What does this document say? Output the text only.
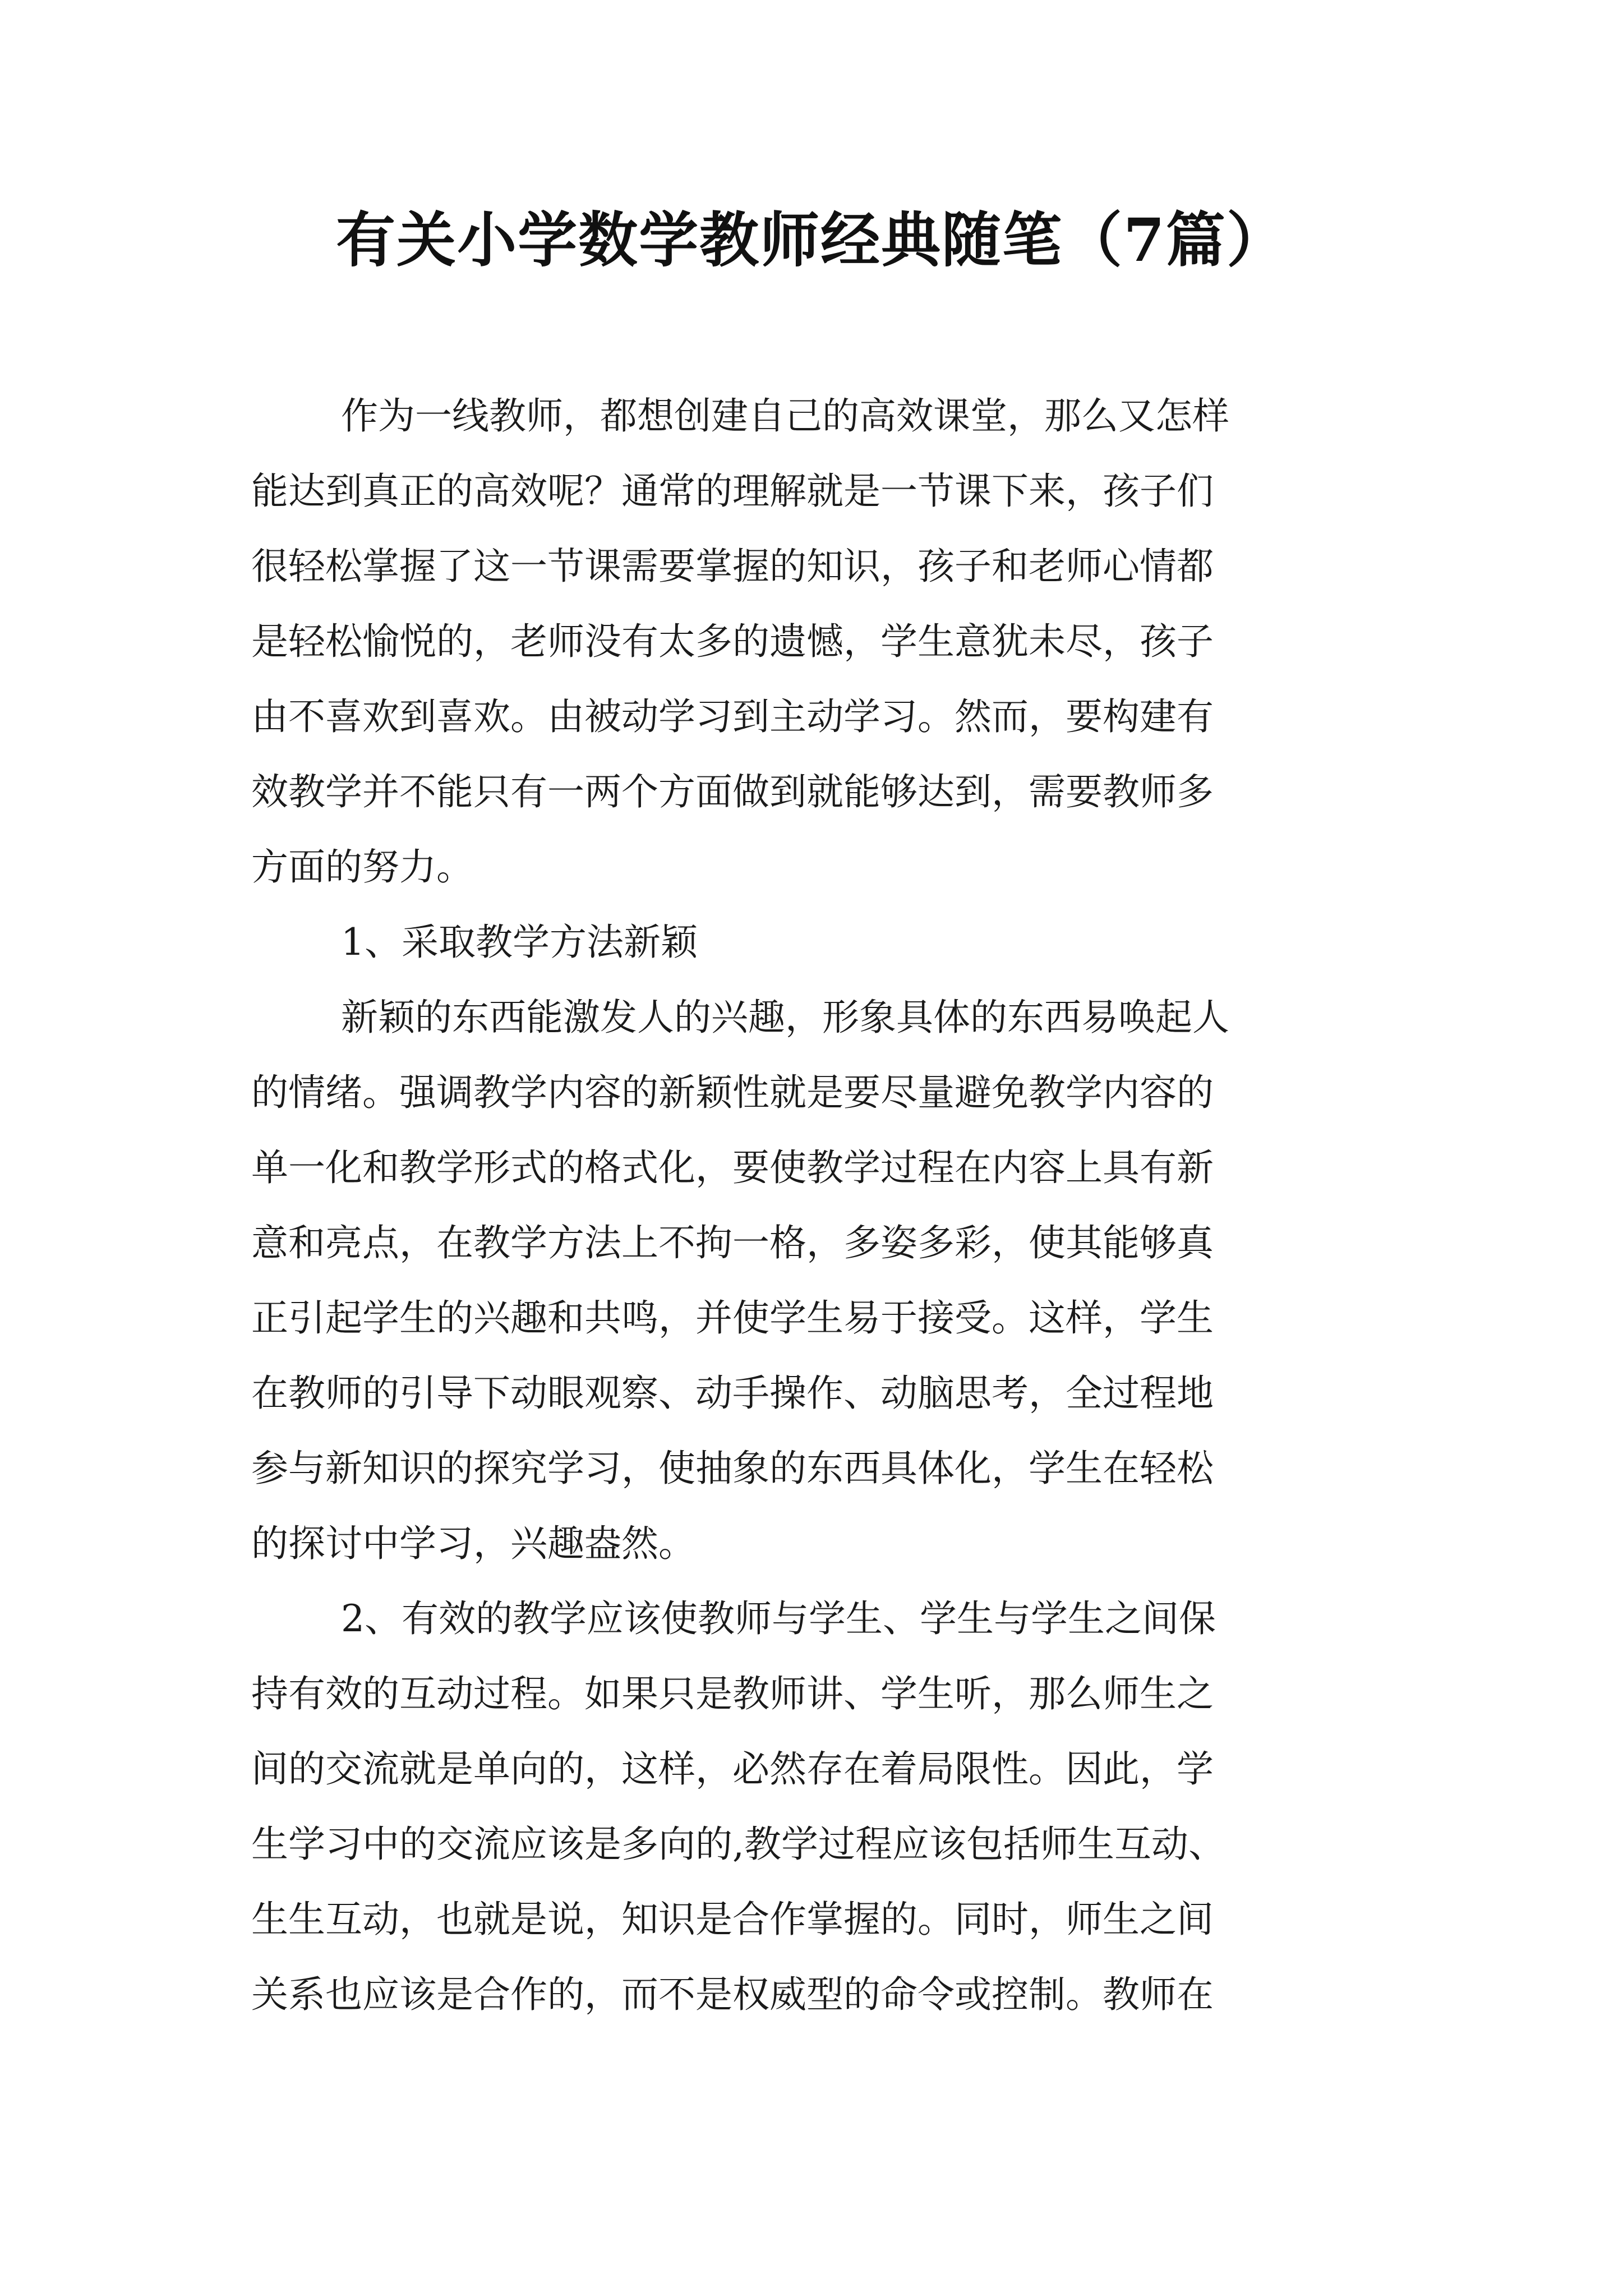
有关小学数学教师经典随笔（7篇）
作为一线教师，都想创建自己的高效课堂，那么又怎样
能达到真正的高效呢？通常的理解就是一节课下来，孩子们
很轻松掌握了这一节课需要掌握的知识，孩子和老师心情都
是轻松愉悦的，老师没有太多的遗憾，学生意犹未尽，孩子
由不喜欢到喜欢。由被动学习到主动学习。然而，要构建有
效教学并不能只有一两个方面做到就能够达到，需要教师多
方面的努力。
1、采取教学方法新颖
新颖的东西能激发人的兴趣，形象具体的东西易唤起人
的情绪。强调教学内容的新颖性就是要尽量避免教学内容的
单一化和教学形式的格式化，要使教学过程在内容上具有新
意和亮点，在教学方法上不拘一格，多姿多彩，使其能够真
正引起学生的兴趣和共鸣，并使学生易于接受。这样，学生
在教师的引导下动眼观察、动手操作、动脑思考，全过程地
参与新知识的探究学习，使抽象的东西具体化，学生在轻松
的探讨中学习，兴趣盎然。
2、有效的教学应该使教师与学生、学生与学生之间保
持有效的互动过程。如果只是教师讲、学生听，那么师生之
间的交流就是单向的，这样，必然存在着局限性。因此，学
生学习中的交流应该是多向的,教学过程应该包括师生互动、
生生互动，也就是说，知识是合作掌握的。同时，师生之间
关系也应该是合作的，而不是权威型的命令或控制。教师在
